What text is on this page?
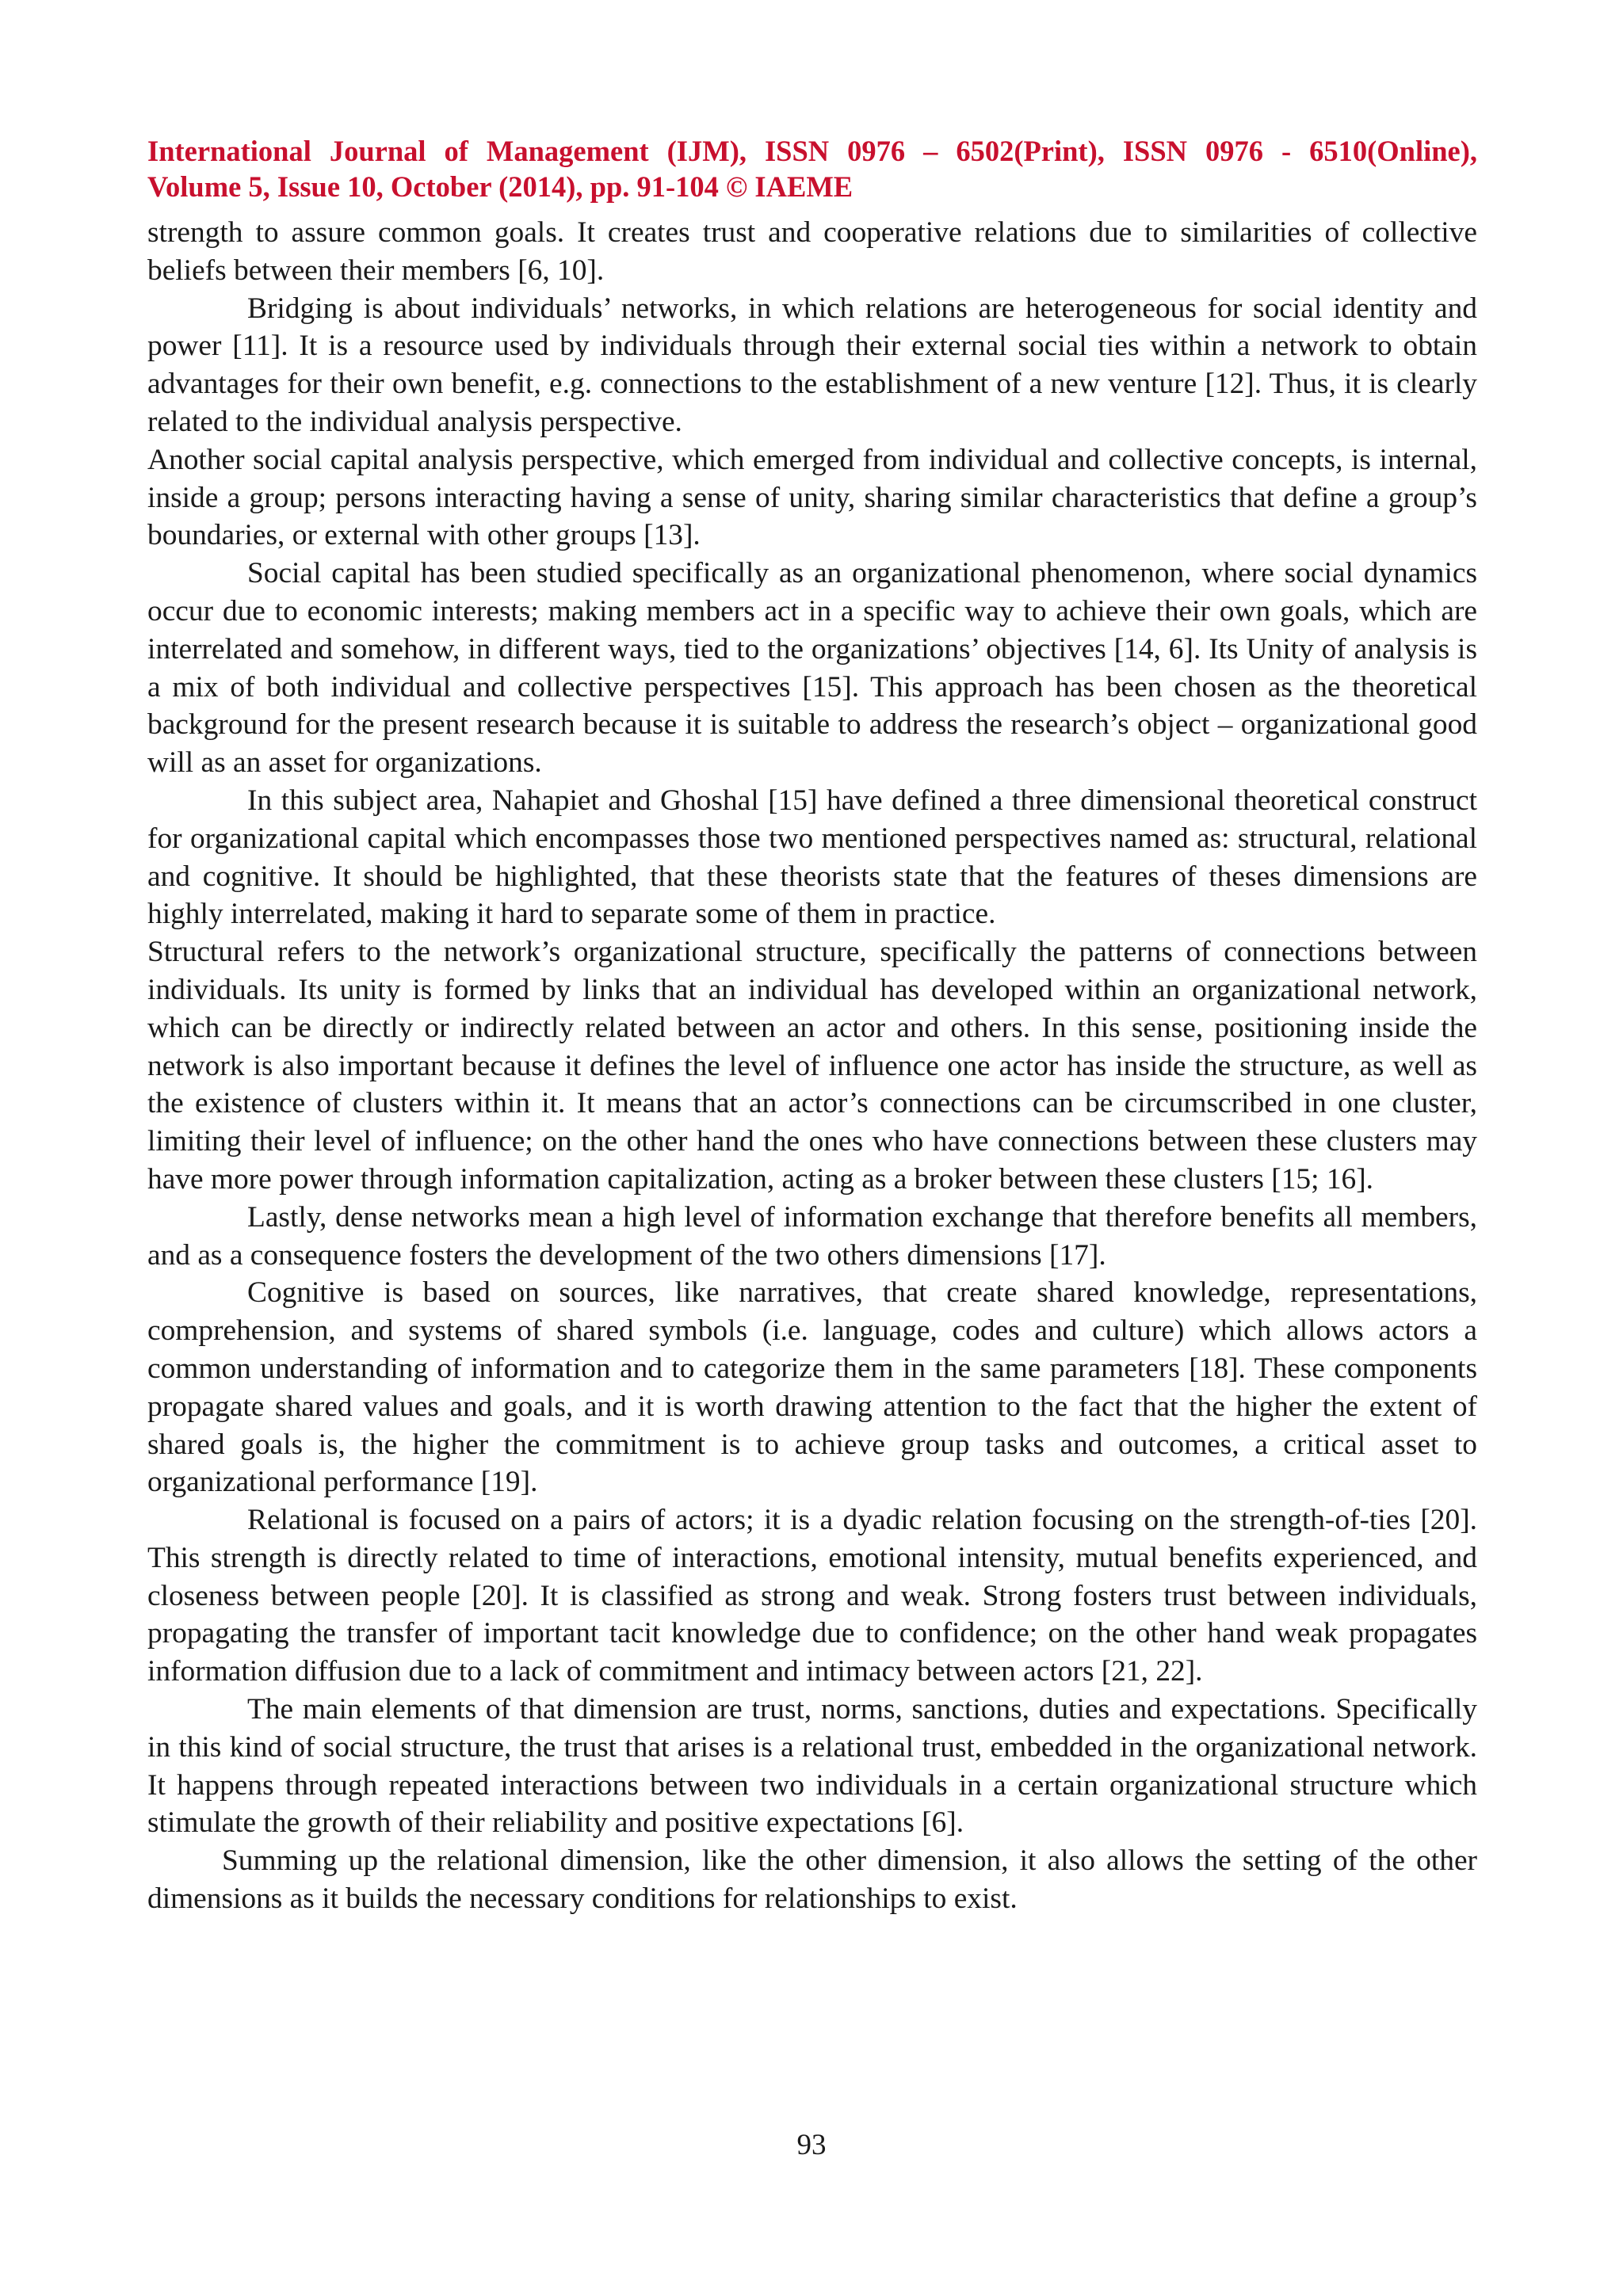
International Journal of Management (IJM), ISSN 0976 – 6502(Print), ISSN 0976 - 6510(Online),
Volume 5, Issue 10, October (2014), pp. 91-104 © IAEME

strength to assure common goals. It creates trust and cooperative relations due to similarities of collective beliefs between their members [6, 10].

Bridging is about individuals’ networks, in which relations are heterogeneous for social identity and power [11]. It is a resource used by individuals through their external social ties within a network to obtain advantages for their own benefit, e.g. connections to the establishment of a new venture [12]. Thus, it is clearly related to the individual analysis perspective.

Another social capital analysis perspective, which emerged from individual and collective concepts, is internal, inside a group; persons interacting having a sense of unity, sharing similar characteristics that define a group’s boundaries, or external with other groups [13].

Social capital has been studied specifically as an organizational phenomenon, where social dynamics occur due to economic interests; making members act in a specific way to achieve their own goals, which are interrelated and somehow, in different ways, tied to the organizations’ objectives [14, 6]. Its Unity of analysis is a mix of both individual and collective perspectives [15]. This approach has been chosen as the theoretical background for the present research because it is suitable to address the research’s object – organizational good will as an asset for organizations.

In this subject area, Nahapiet and Ghoshal [15] have defined a three dimensional theoretical construct for organizational capital which encompasses those two mentioned perspectives named as: structural, relational and cognitive. It should be highlighted, that these theorists state that the features of theses dimensions are highly interrelated, making it hard to separate some of them in practice.

Structural refers to the network’s organizational structure, specifically the patterns of connections between individuals. Its unity is formed by links that an individual has developed within an organizational network, which can be directly or indirectly related between an actor and others. In this sense, positioning inside the network is also important because it defines the level of influence one actor has inside the structure, as well as the existence of clusters within it. It means that an actor’s connections can be circumscribed in one cluster, limiting their level of influence; on the other hand the ones who have connections between these clusters may have more power through information capitalization, acting as a broker between these clusters [15; 16].

Lastly, dense networks mean a high level of information exchange that therefore benefits all members, and as a consequence fosters the development of the two others dimensions [17].

Cognitive is based on sources, like narratives, that create shared knowledge, representations, comprehension, and systems of shared symbols (i.e. language, codes and culture) which allows actors a common understanding of information and to categorize them in the same parameters [18]. These components propagate shared values and goals, and it is worth drawing attention to the fact that the higher the extent of shared goals is, the higher the commitment is to achieve group tasks and outcomes, a critical asset to organizational performance [19].

Relational is focused on a pairs of actors; it is a dyadic relation focusing on the strength-of-ties [20]. This strength is directly related to time of interactions, emotional intensity, mutual benefits experienced, and closeness between people [20]. It is classified as strong and weak. Strong fosters trust between individuals, propagating the transfer of important tacit knowledge due to confidence; on the other hand weak propagates information diffusion due to a lack of commitment and intimacy between actors [21, 22].

The main elements of that dimension are trust, norms, sanctions, duties and expectations. Specifically in this kind of social structure, the trust that arises is a relational trust, embedded in the organizational network. It happens through repeated interactions between two individuals in a certain organizational structure which stimulate the growth of their reliability and positive expectations [6].

Summing up the relational dimension, like the other dimension, it also allows the setting of the other dimensions as it builds the necessary conditions for relationships to exist.

93
